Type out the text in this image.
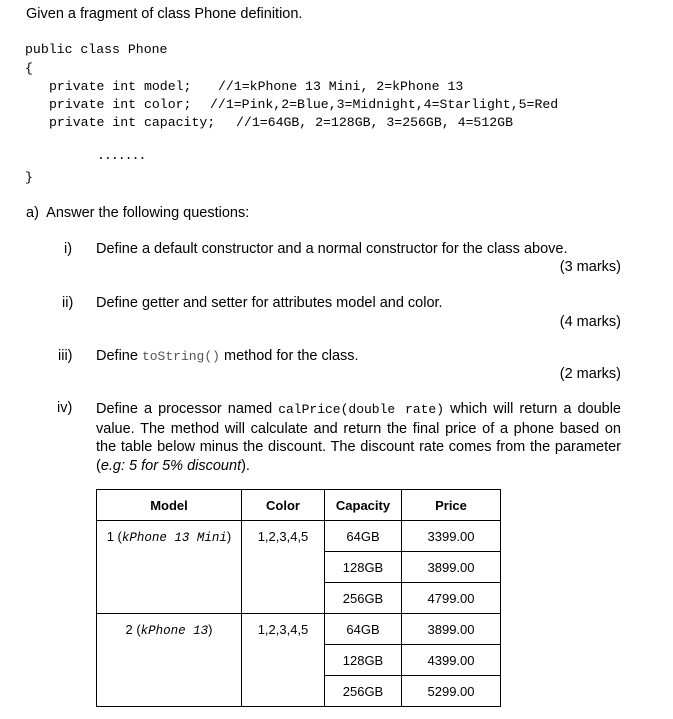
Given a fragment of class Phone definition.
public class Phone
{
private int model; //1=kPhone 13 Mini, 2=kPhone 13
private int color; //1=Pink,2=Blue,3=Midnight,4=Starlight,5=Red
private int capacity; //1=64GB, 2=128GB, 3=256GB, 4=512GB
.......
}
a)  Answer the following questions:
i) Define a default constructor and a normal constructor for the class above.
(3 marks)
ii) Define getter and setter for attributes model and color.
(4 marks)
iii) Define toString() method for the class.
(2 marks)
iv) Define a processor named calPrice(double rate) which will return a double value. The method will calculate and return the final price of a phone based on the table below minus the discount. The discount rate comes from the parameter (e.g: 5 for 5% discount).
Model	Color	Capacity	Price
1 (kPhone 13 Mini)	1,2,3,4,5	64GB	3399.00
		128GB	3899.00
		256GB	4799.00
2 (kPhone 13)	1,2,3,4,5	64GB	3899.00
		128GB	4399.00
		256GB	5299.00
